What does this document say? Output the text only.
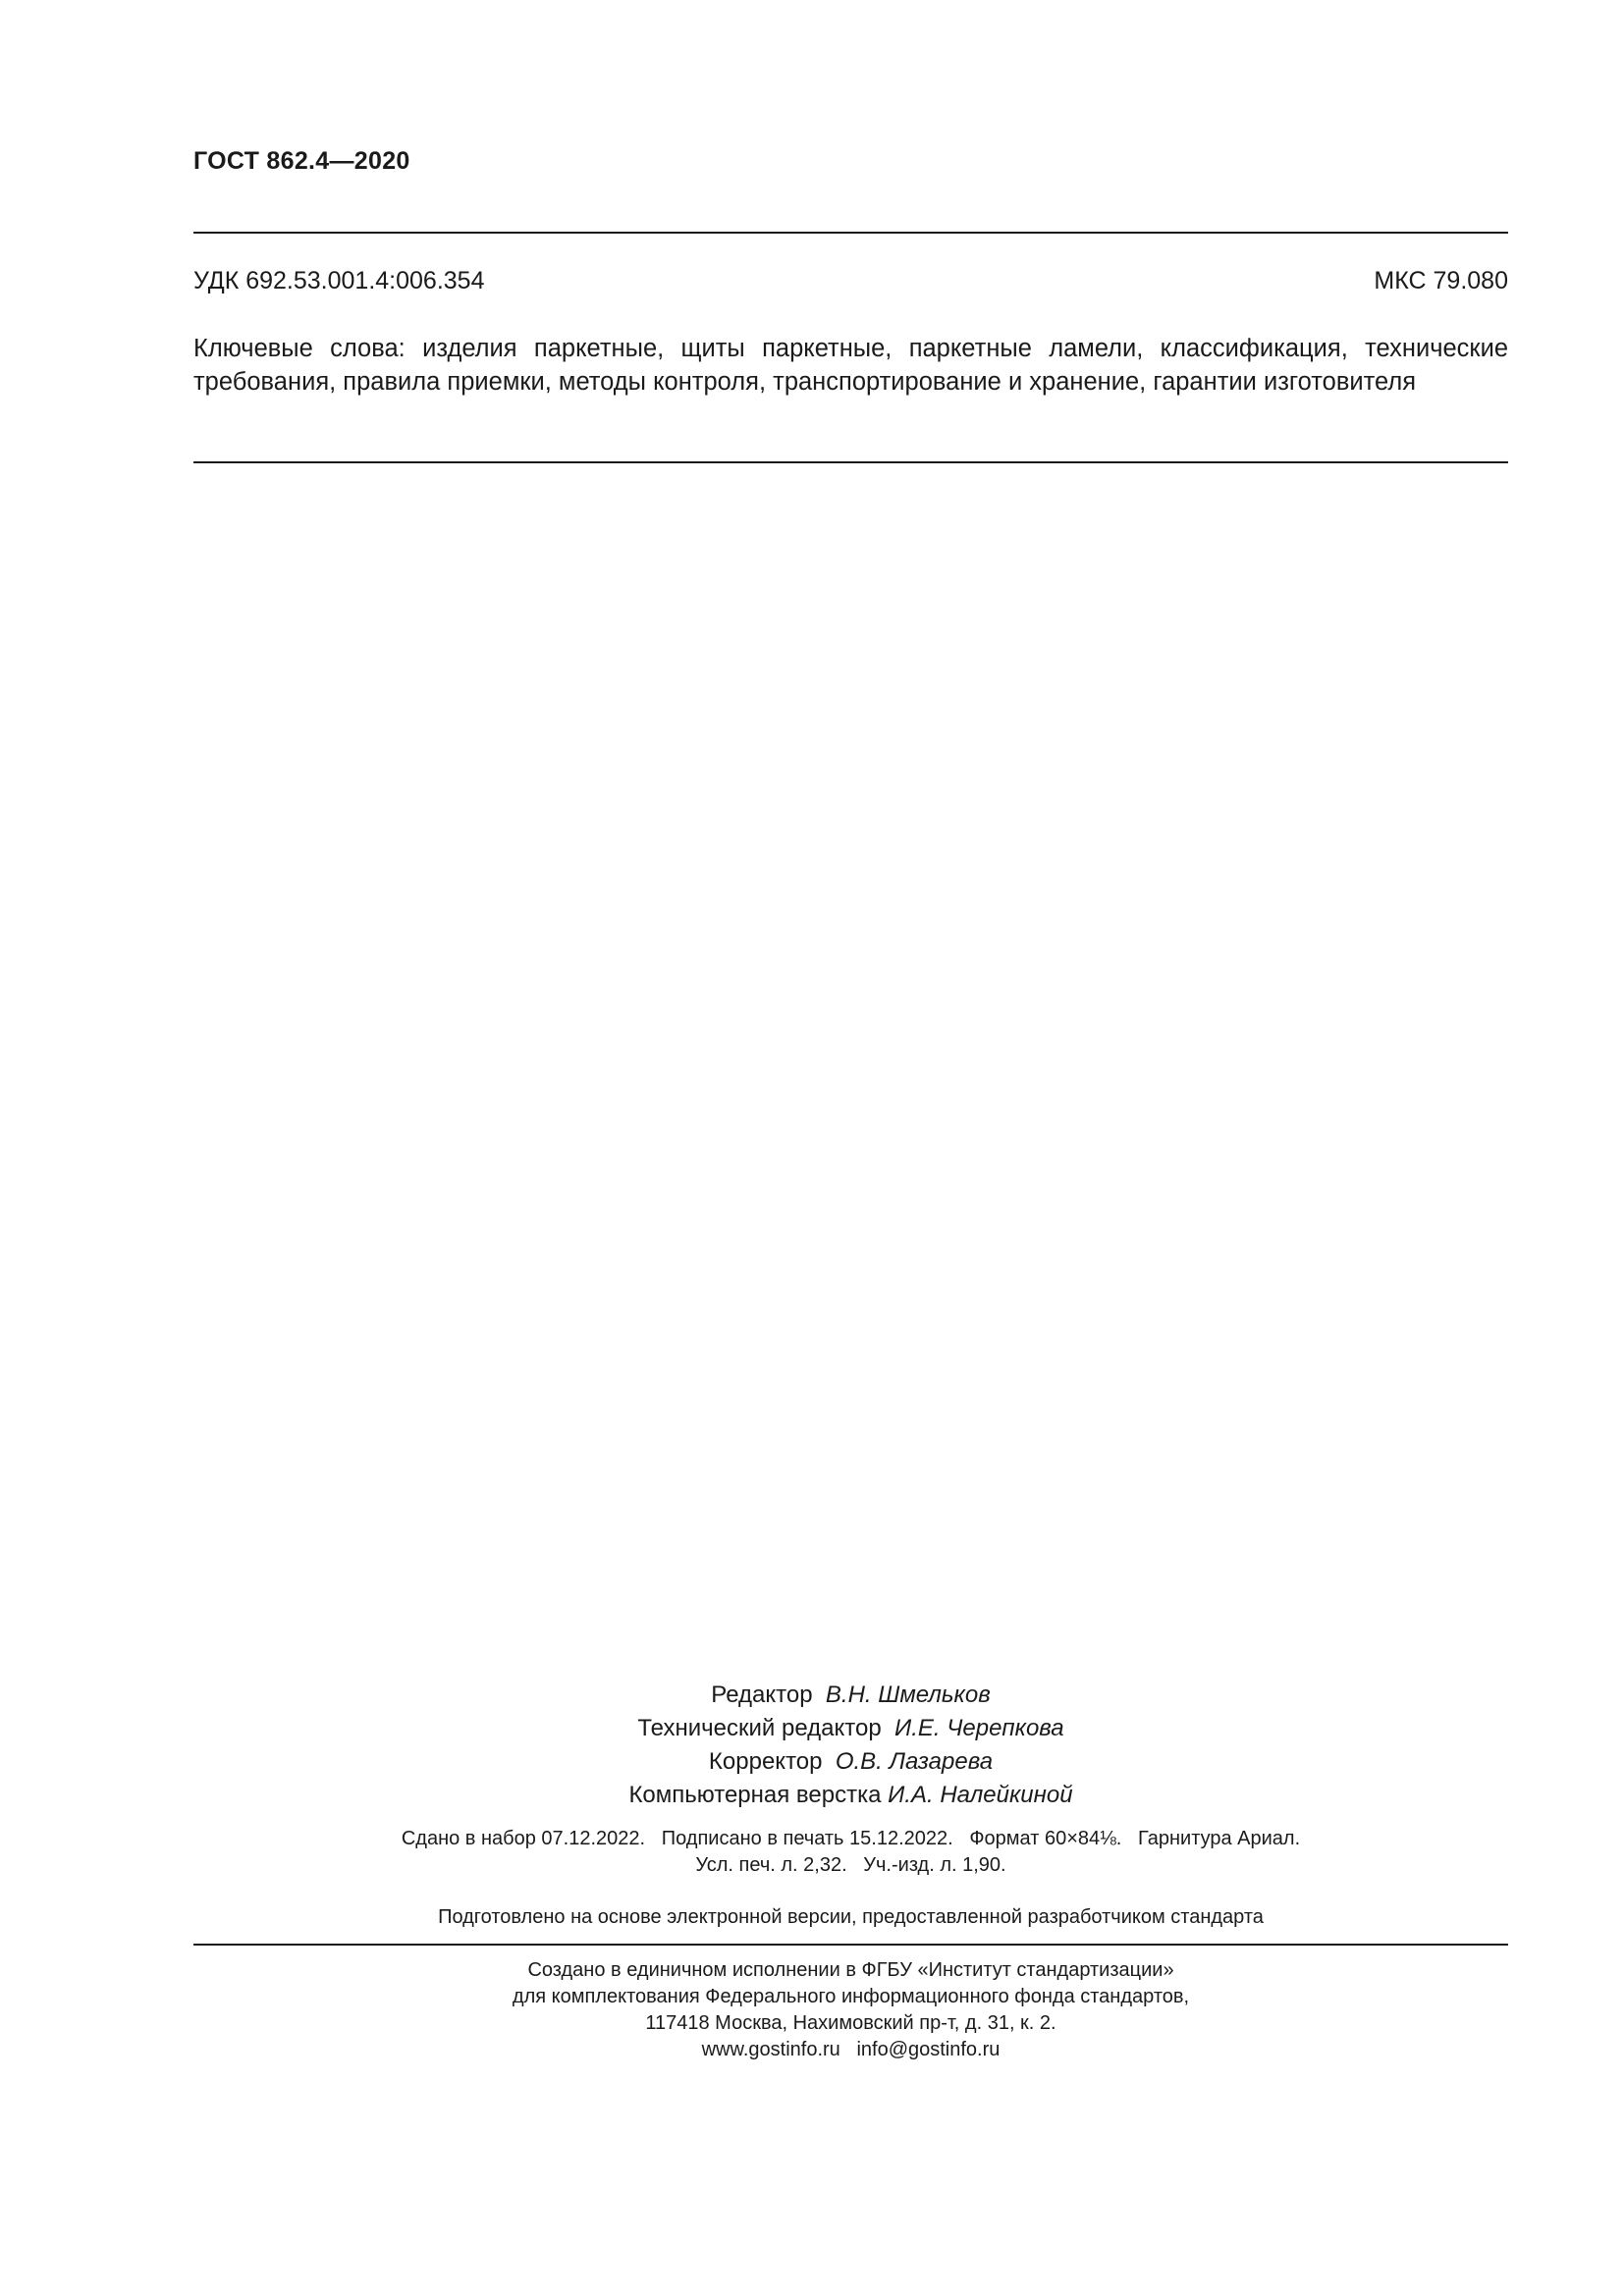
ГОСТ 862.4—2020
УДК 692.53.001.4:006.354	МКС 79.080
Ключевые слова: изделия паркетные, щиты паркетные, паркетные ламели, классификация, технические требования, правила приемки, методы контроля, транспортирование и хранение, гарантии изготовителя
Редактор В.Н. Шмельков
Технический редактор И.Е. Черепкова
Корректор О.В. Лазарева
Компьютерная верстка И.А. Налейкиной
Сдано в набор 07.12.2022.   Подписано в печать 15.12.2022.   Формат 60×84⅛.   Гарнитура Ариал.
Усл. печ. л. 2,32.   Уч.-изд. л. 1,90.
Подготовлено на основе электронной версии, предоставленной разработчиком стандарта
Создано в единичном исполнении в ФГБУ «Институт стандартизации»
для комплектования Федерального информационного фонда стандартов,
117418 Москва, Нахимовский пр-т, д. 31, к. 2.
www.gostinfo.ru   info@gostinfo.ru
